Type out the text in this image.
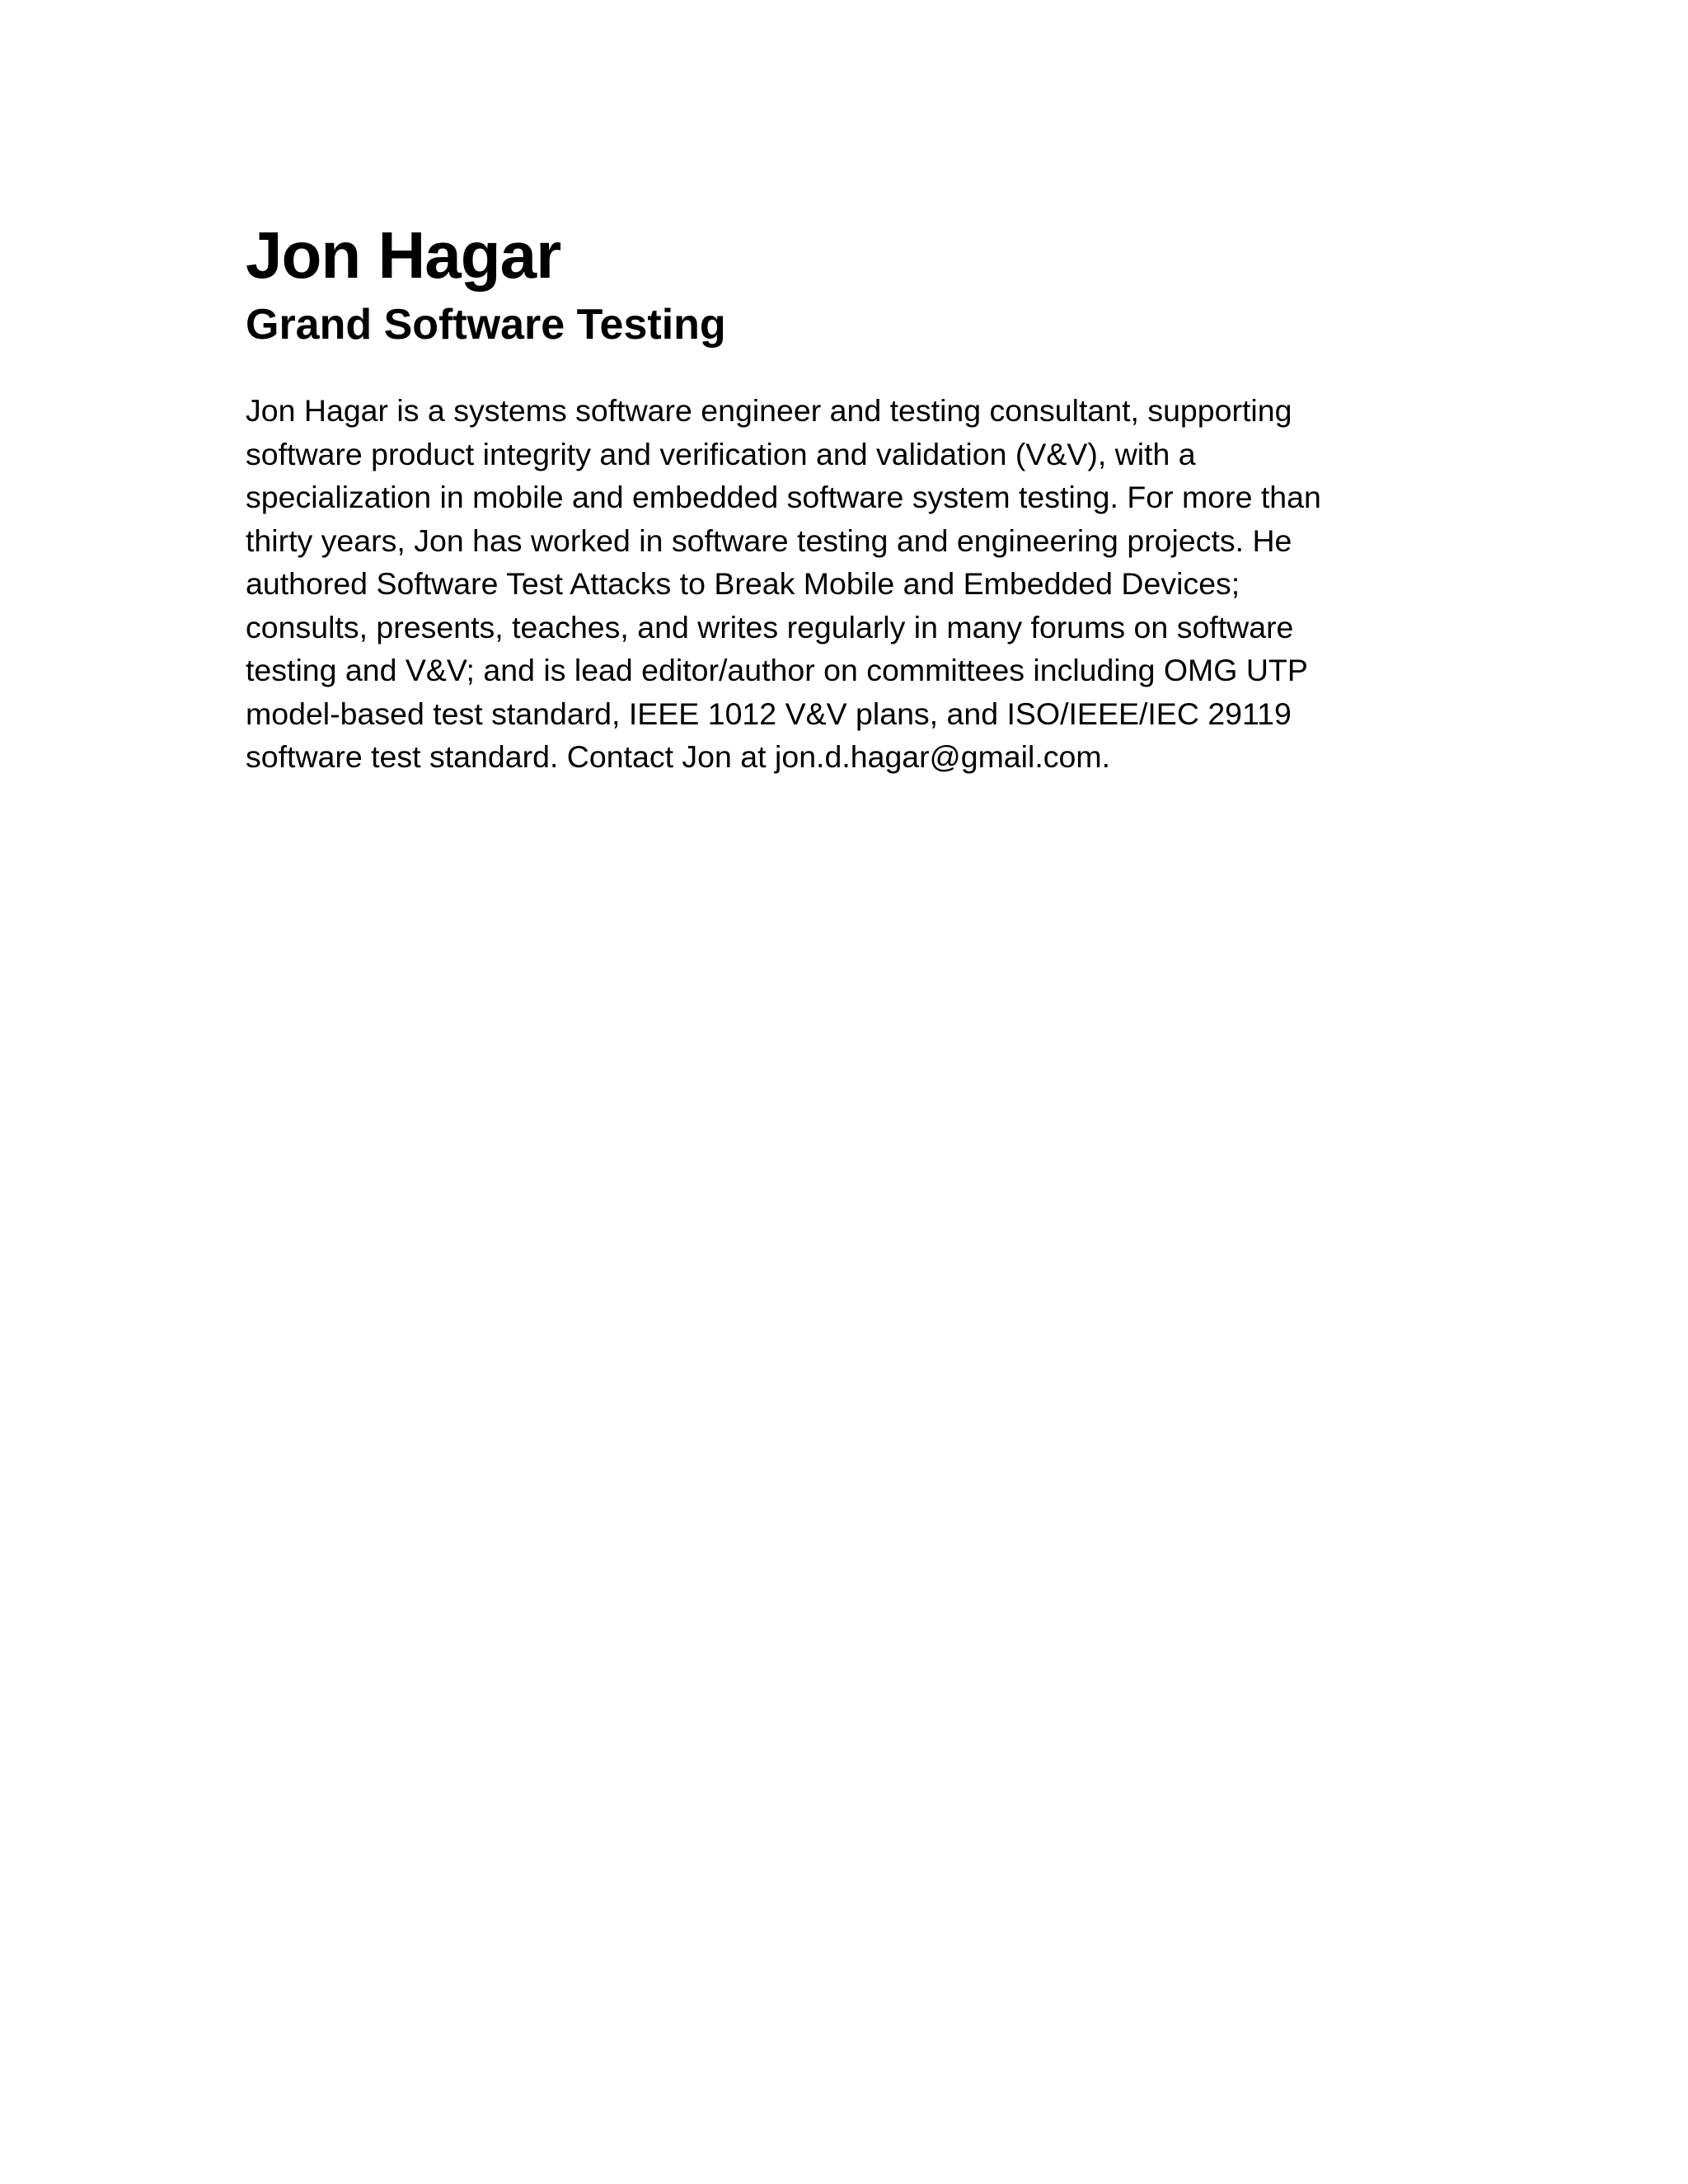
Jon Hagar
Grand Software Testing

Jon Hagar is a systems software engineer and testing consultant, supporting
software product integrity and verification and validation (V&V), with a
specialization in mobile and embedded software system testing. For more than
thirty years, Jon has worked in software testing and engineering projects. He
authored Software Test Attacks to Break Mobile and Embedded Devices;
consults, presents, teaches, and writes regularly in many forums on software
testing and V&V; and is lead editor/author on committees including OMG UTP
model-based test standard, IEEE 1012 V&V plans, and ISO/IEEE/IEC 29119
software test standard. Contact Jon at jon.d.hagar@gmail.com.
